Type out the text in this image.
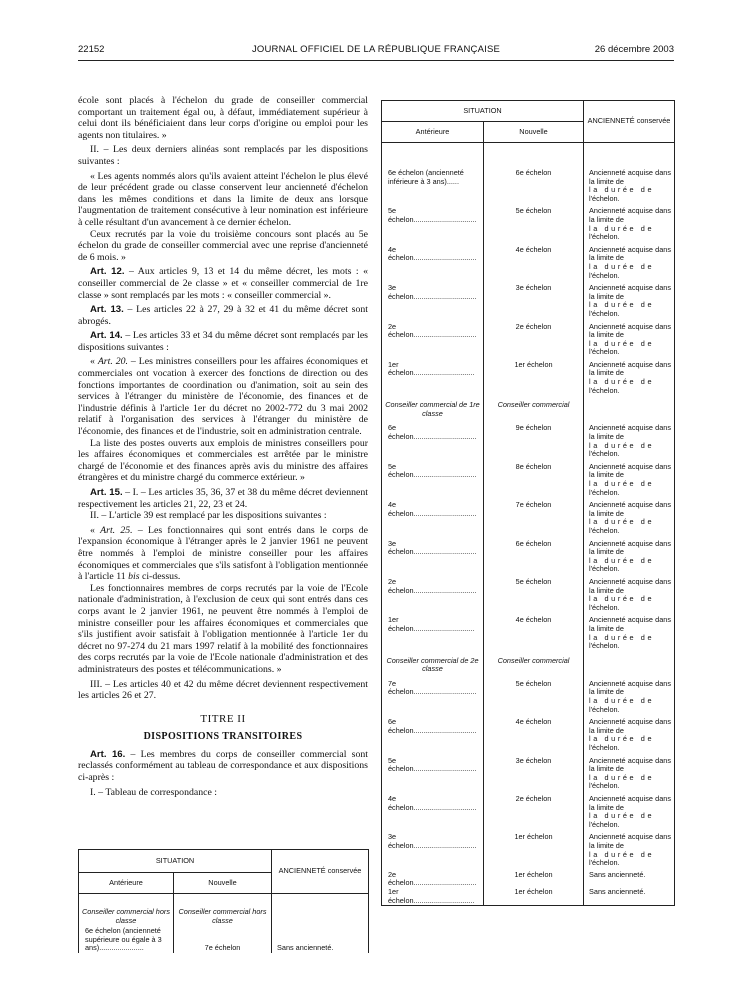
22152	JOURNAL OFFICIEL DE LA RÉPUBLIQUE FRANÇAISE	26 décembre 2003

école sont placés à l'échelon du grade de conseiller commercial comportant un traitement égal ou, à défaut, immédiatement supérieur à celui dont ils bénéficiaient dans leur corps d'origine ou emploi pour les agents non titulaires. »

II. – Les deux derniers alinéas sont remplacés par les dispositions suivantes :

« Les agents nommés alors qu'ils avaient atteint l'échelon le plus élevé de leur précédent grade ou classe conservent leur ancienneté d'échelon dans les mêmes conditions et dans la limite de deux ans lorsque l'augmentation de traitement consécutive à leur nomination est inférieure à celle résultant d'un avancement à ce dernier échelon.

Ceux recrutés par la voie du troisième concours sont placés au 5e échelon du grade de conseiller commercial avec une reprise d'ancienneté de 6 mois. »

Art. 12. – Aux articles 9, 13 et 14 du même décret, les mots : « conseiller commercial de 2e classe » et « conseiller commercial de 1re classe » sont remplacés par les mots : « conseiller commercial ».

Art. 13. – Les articles 22 à 27, 29 à 32 et 41 du même décret sont abrogés.

Art. 14. – Les articles 33 et 34 du même décret sont remplacés par les dispositions suivantes :

« Art. 20. – Les ministres conseillers pour les affaires économiques et commerciales ont vocation à exercer des fonctions de direction ou des fonctions importantes de coordination ou d'animation, soit au sein des services à l'étranger du ministère de l'économie, des finances et de l'industrie définis à l'article 1er du décret no 2002-772 du 3 mai 2002 relatif à l'organisation des services à l'étranger du ministère de l'économie, des finances et de l'industrie, soit en administration centrale.

La liste des postes ouverts aux emplois de ministres conseillers pour les affaires économiques et commerciales est arrêtée par le ministre chargé de l'économie et des finances après avis du ministre des affaires étrangères et du ministre chargé du commerce extérieur. »

Art. 15. – I. – Les articles 35, 36, 37 et 38 du même décret deviennent respectivement les articles 21, 22, 23 et 24.

II. – L'article 39 est remplacé par les dispositions suivantes :

« Art. 25. – Les fonctionnaires qui sont entrés dans le corps de l'expansion économique à l'étranger après le 2 janvier 1961 ne peuvent être nommés à l'emploi de ministre conseiller pour les affaires économiques et commerciales que s'ils satisfont à l'obligation mentionnée à l'article 11 bis ci-dessus.

Les fonctionnaires membres de corps recrutés par la voie de l'Ecole nationale d'administration, à l'exclusion de ceux qui sont entrés dans ces corps avant le 2 janvier 1961, ne peuvent être nommés à l'emploi de ministre conseiller pour les affaires économiques et commerciales que s'ils justifient avoir satisfait à l'obligation mentionnée à l'article 1er du décret no 97-274 du 21 mars 1997 relatif à la mobilité des fonctionnaires des corps recrutés par la voie de l'Ecole nationale d'administration et des administrateurs des postes et télécommunications. »

III. – Les articles 40 et 42 du même décret deviennent respectivement les articles 26 et 27.

TITRE II
DISPOSITIONS TRANSITOIRES

Art. 16. – Les membres du corps de conseiller commercial sont reclassés conformément au tableau de correspondance et aux dispositions ci-après :

I. – Tableau de correspondance :

SITUATION		ANCIENNETÉ conservée
Antérieure	Nouvelle	
Conseiller commercial hors classe	Conseiller commercial hors classe	
6e échelon (ancienneté supérieure ou égale à 3 ans)......................	7e échelon	Sans ancienneté.
SITUATION		ANCIENNETÉ conservée
Antérieure	Nouvelle	
6e échelon (ancienneté inférieure à 3 ans)......	6e échelon	Ancienneté acquise dans la limite de
la durée de
l'échelon.

5e échelon...............................	5e échelon	Ancienneté acquise dans la limite de
la durée de
l'échelon.

4e échelon...............................	4e échelon	Ancienneté acquise dans la limite de
la durée de
l'échelon.

3e échelon...............................	3e échelon	Ancienneté acquise dans la limite de
la durée de
l'échelon.

2e échelon...............................	2e échelon	Ancienneté acquise dans la limite de
la durée de
l'échelon.

1er échelon..............................	1er échelon	Ancienneté acquise dans la limite de
la durée de
l'échelon.

Conseiller commercial de 1re classe	Conseiller commercial	
6e échelon...............................	9e échelon	Ancienneté acquise dans la limite de
la durée de
l'échelon.

5e échelon...............................	8e échelon	Ancienneté acquise dans la limite de
la durée de
l'échelon.

4e échelon...............................	7e échelon	Ancienneté acquise dans la limite de
la durée de
l'échelon.

3e échelon...............................	6e échelon	Ancienneté acquise dans la limite de
la durée de
l'échelon.

2e échelon...............................	5e échelon	Ancienneté acquise dans la limite de
la durée de
l'échelon.

1er échelon..............................	4e échelon	Ancienneté acquise dans la limite de
la durée de
l'échelon.

Conseiller commercial de 2e classe	Conseiller commercial	
7e échelon...............................	5e échelon	Ancienneté acquise dans la limite de
la durée de
l'échelon.

6e échelon...............................	4e échelon	Ancienneté acquise dans la limite de
la durée de
l'échelon.

5e échelon...............................	3e échelon	Ancienneté acquise dans la limite de
la durée de
l'échelon.

4e échelon...............................	2e échelon	Ancienneté acquise dans la limite de
la durée de
l'échelon.

3e échelon...............................	1er échelon	Ancienneté acquise dans la limite de
la durée de
l'échelon.

2e échelon...............................	1er échelon	Sans ancienneté.
1er échelon..............................	1er échelon	Sans ancienneté.
